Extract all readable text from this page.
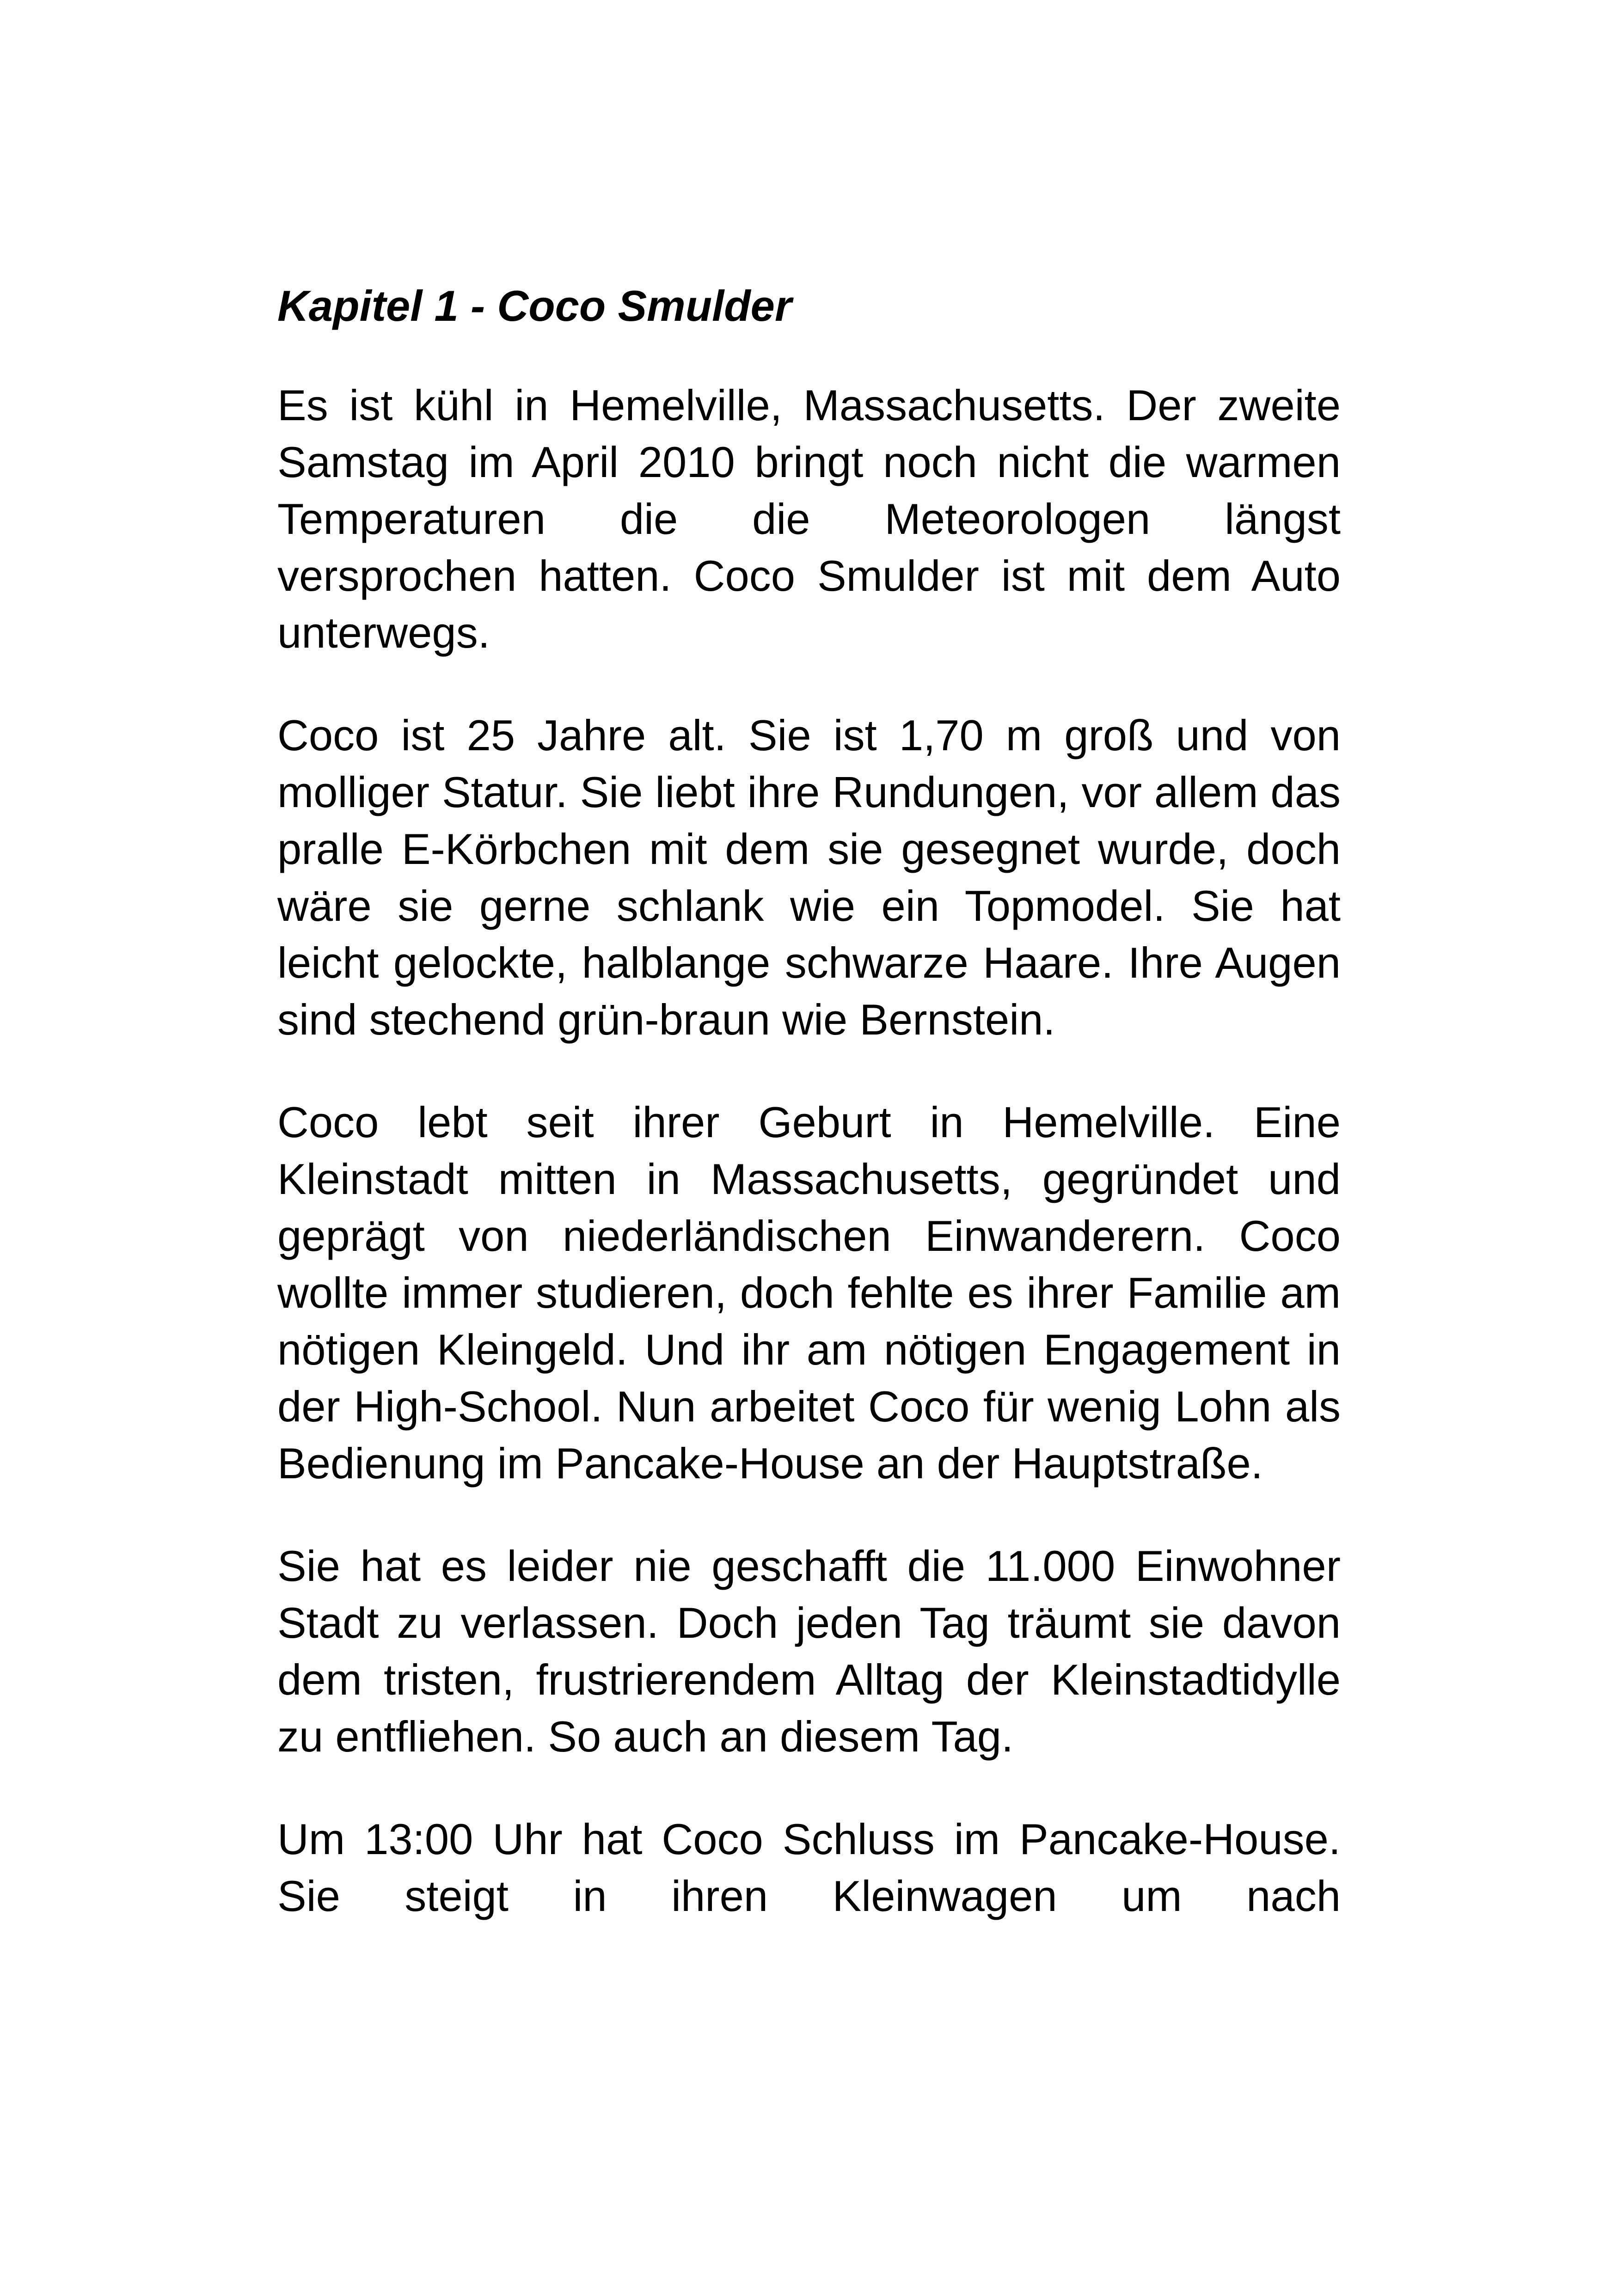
Kapitel 1 - Coco Smulder

Es ist kühl in Hemelville, Massachusetts. Der zweite Samstag im April 2010 bringt noch nicht die warmen Temperaturen die die Meteorologen längst versprochen hatten. Coco Smulder ist mit dem Auto unterwegs.

Coco ist 25 Jahre alt. Sie ist 1,70 m groß und von molliger Statur. Sie liebt ihre Rundungen, vor allem das pralle E-Körbchen mit dem sie gesegnet wurde, doch wäre sie gerne schlank wie ein Topmodel. Sie hat leicht gelockte, halblange schwarze Haare. Ihre Augen sind stechend grün-braun wie Bernstein.

Coco lebt seit ihrer Geburt in Hemelville. Eine Kleinstadt mitten in Massachusetts, gegründet und geprägt von niederländischen Einwanderern. Coco wollte immer studieren, doch fehlte es ihrer Familie am nötigen Kleingeld. Und ihr am nötigen Engagement in der High-School. Nun arbeitet Coco für wenig Lohn als Bedienung im Pancake-House an der Hauptstraße.

Sie hat es leider nie geschafft die 11.000 Einwohner Stadt zu verlassen. Doch jeden Tag träumt sie davon dem tristen, frustrierendem Alltag der Kleinstadtidylle zu entfliehen. So auch an diesem Tag.

Um 13:00 Uhr hat Coco Schluss im Pancake-House. Sie steigt in ihren Kleinwagen um nach
